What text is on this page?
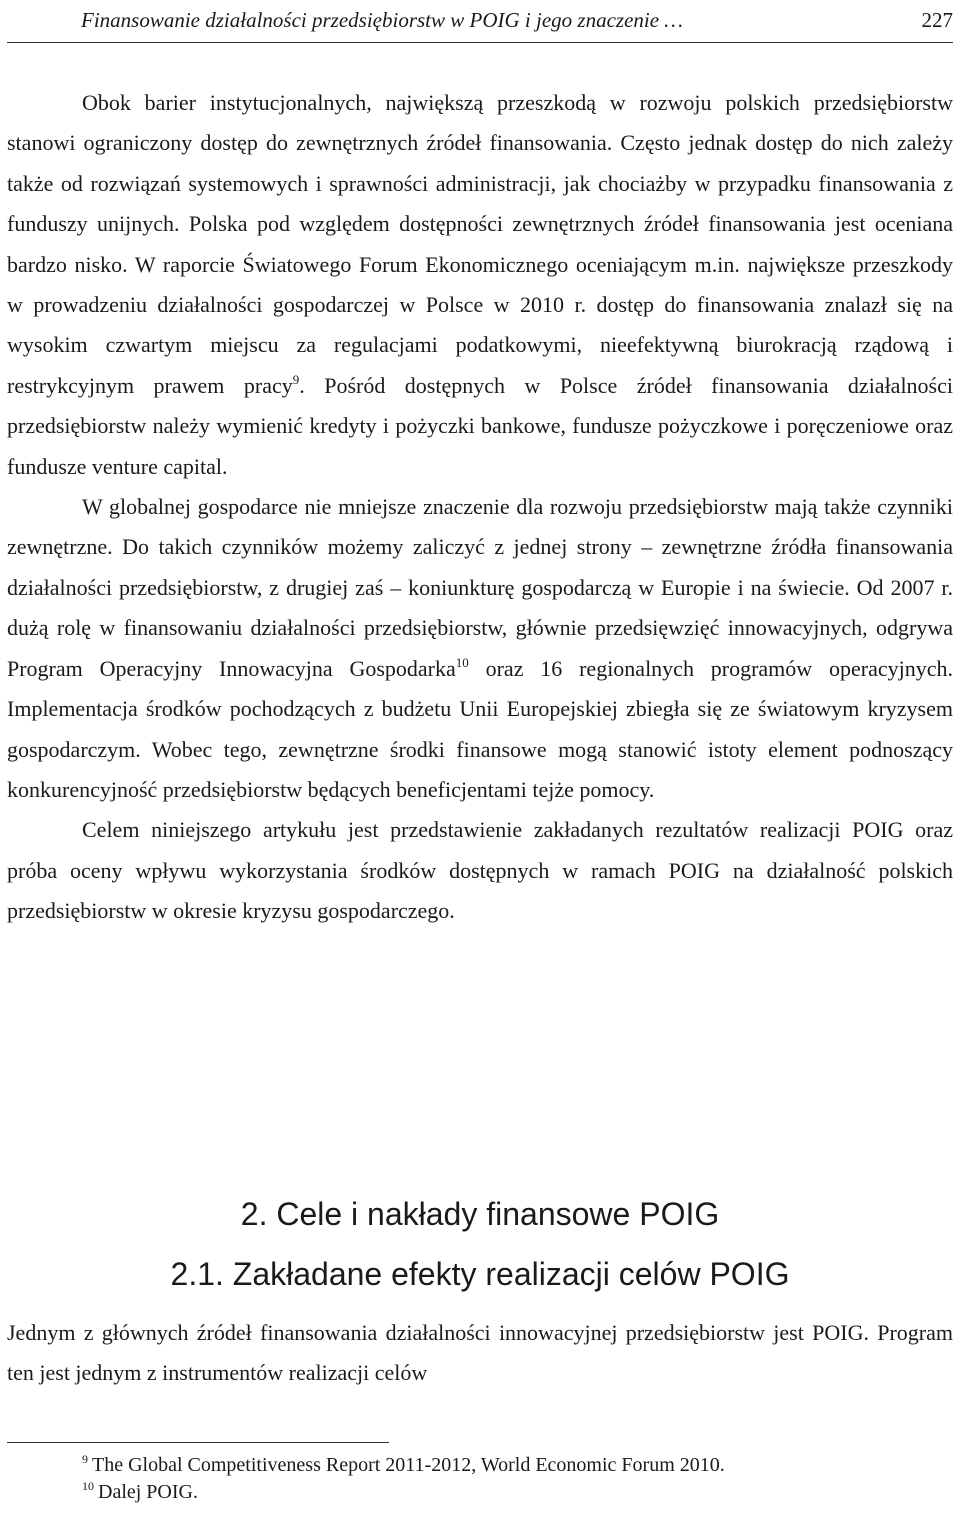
Finansowanie działalności przedsiębiorstw w POIG i jego znaczenie …	227

Obok barier instytucjonalnych, największą przeszkodą w rozwoju polskich przedsiębiorstw stanowi ograniczony dostęp do zewnętrznych źródeł finansowania. Często jednak dostęp do nich zależy także od rozwiązań systemowych i sprawności administracji, jak chociażby w przypadku finansowania z funduszy unijnych. Polska pod względem dostępności zewnętrznych źródeł finansowania jest oceniana bardzo nisko. W raporcie Światowego Forum Ekonomicznego oceniającym m.in. największe przeszkody w prowadzeniu działalności gospodarczej w Polsce w 2010 r. dostęp do finansowania znalazł się na wysokim czwartym miejscu za regulacjami podatkowymi, nieefektywną biurokracją rządową i restrykcyjnym prawem pracy$^9$. Pośród dostępnych w Polsce źródeł finansowania działalności przedsiębiorstw należy wymienić kredyty i pożyczki bankowe, fundusze pożyczkowe i poręczeniowe oraz fundusze venture capital.

W globalnej gospodarce nie mniejsze znaczenie dla rozwoju przedsiębiorstw mają także czynniki zewnętrzne. Do takich czynników możemy zaliczyć z jednej strony – zewnętrzne źródła finansowania działalności przedsiębiorstw, z drugiej zaś – koniunkturę gospodarczą w Europie i na świecie. Od 2007 r. dużą rolę w finansowaniu działalności przedsiębiorstw, głównie przedsięwzięć innowacyjnych, odgrywa Program Operacyjny Innowacyjna Gospodarka$^{10}$ oraz 16 regionalnych programów operacyjnych. Implementacja środków pochodzących z budżetu Unii Europejskiej zbiegła się ze światowym kryzysem gospodarczym. Wobec tego, zewnętrzne środki finansowe mogą stanowić istoty element podnoszący konkurencyjność przedsiębiorstw będących beneficjentami tejże pomocy.

Celem niniejszego artykułu jest przedstawienie zakładanych rezultatów realizacji POIG oraz próba oceny wpływu wykorzystania środków dostępnych w ramach POIG na działalność polskich przedsiębiorstw w okresie kryzysu gospodarczego.

2. Cele i nakłady finansowe POIG
2.1. Zakładane efekty realizacji celów POIG

Jednym z głównych źródeł finansowania działalności innowacyjnej przedsiębiorstw jest POIG. Program ten jest jednym z instrumentów realizacji celów

$^9$ The Global Competitiveness Report 2011-2012, World Economic Forum 2010.

$^{10}$ Dalej POIG.
